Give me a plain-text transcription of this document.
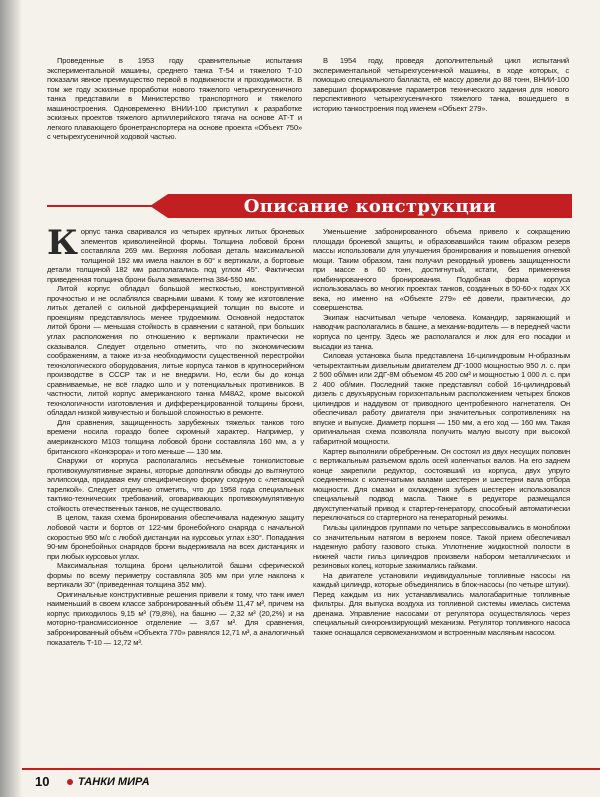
Проведенные в 1953 году сравнительные испытания экспериментальной машины, среднего танка Т-54 и тяжелого Т-10 показали явное преимущество первой в подвижности и проходимости. В том же году эскизные проработки нового тяжелого четырехгусеничного танка представили в Министерство транспортного и тяжелого машиностроения. Одновременно ВНИИ-100 приступил к разработке эскизных проектов тяжелого артиллерийского тягача на основе АТ-Т и легкого плавающего бронетранспортера на основе проекта «Объект 750» с четырехгусеничной ходовой частью.

В 1954 году, проведя дополнительный цикл испытаний экспериментальной четырехгусеничной машины, в ходе которых, с помощью специального балласта, её массу довели до 88 тонн, ВНИИ-100 завершил формирование параметров технического задания для нового перспективного четырехгусеничного тяжелого танка, вошедшего в историю танкостроения под именем «Объект 279».

Описание конструкции

Корпус танка сваривался из четырех крупных литых броневых элементов криволинейной формы. Толщина лобовой брони составляла 269 мм. Верхняя лобовая деталь максимальной толщиной 192 мм имела наклон в 60° к вертикали, а бортовые детали толщиной 182 мм располагались под углом 45°. Фактически приведенная толщина брони была эквивалентна 384-550 мм.

Литой корпус обладал большой жесткостью, конструктивной прочностью и не ослаблялся сварными швами. К тому же изготовление литых деталей с сильной дифференциацией толщин по высоте и проекциям представлялось менее трудоемким. Основной недостаток литой брони — меньшая стойкость в сравнении с катаной, при больших углах расположения по отношению к вертикали практически не сказывался. Следует отдельно отметить, что по экономическим соображениям, а также из-за необходимости существенной перестройки технологического оборудования, литые корпуса танков в крупносерийном производстве в СССР так и не внедрили. Но, если бы до конца сравниваемые, не всё гладко шло и у потенциальных противников. В частности, литой корпус американского танка М48А2, кроме высокой технологичности изготовления и дифференцированной толщины брони, обладал низкой живучестью и большой сложностью в ремонте.

Для сравнения, защищенность зарубежных тяжелых танков того времени носила гораздо более скромный характер. Например, у американского М103 толщина лобовой брони составляла 160 мм, а у британского «Конкэрора» и того меньше — 130 мм.

Снаружи от корпуса располагались несъёмные тонколистовые противокумулятивные экраны, которые дополняли обводы до вытянутого эллипсоида, придавая ему специфическую форму сходную с «летающей тарелкой». Следует отдельно отметить, что до 1958 года специальных тактико-технических требований, оговаривающих противокумулятивную стойкость отечественных танков, не существовало.

В целом, такая схема бронирования обеспечивала надежную защиту лобовой части и бортов от 122-мм бронебойного снаряда с начальной скоростью 950 м/с с любой дистанции на курсовых углах ±30°. Попадания 90-мм бронебойных снарядов брони выдерживала на всех дистанциях и при любых курсовых углах.

Максимальная толщина брони цельнолитой башни сферической формы по всему периметру составляла 305 мм при угле наклона к вертикали 30° (приведенная толщина 352 мм).

Оригинальные конструктивные решения привели к тому, что танк имел наименьший в своем классе забронированный объём 11,47 м³, причем на корпус приходилось 9,15 м³ (79,8%), на башню — 2,32 м³ (20,2%) и на моторно-трансмиссионное отделение — 3,67 м³. Для сравнения, забронированный объём «Объекта 770» равнялся 12,71 м³, а аналогичный показатель Т-10 — 12,72 м³.

Уменьшение забронированного объема привело к сокращению площади броневой защиты, и образовавшийся таким образом резерв массы использовали для улучшения бронирования и повышения огневой мощи. Таким образом, танк получил рекордный уровень защищенности при массе в 60 тонн, достигнутый, кстати, без применения комбинированного бронирования. Подобная форма корпуса использовалась во многих проектах танков, созданных в 50-60-х годах ХХ века, но именно на «Объекте 279» её довели, практически, до совершенства.

Экипаж насчитывал четыре человека. Командир, заряжающий и наводчик располагались в башне, а механик-водитель — в передней части корпуса по центру. Здесь же располагался и люк для его посадки и высадки из танка.

Силовая установка была представлена 16-цилиндровым Н-образным четырехтактным дизельным двигателем ДГ-1000 мощностью 950 л. с. при 2 500 об/мин или 2ДГ-8М объемом 45 200 см³ и мощностью 1 000 л. с. при 2 400 об/мин. Последний также представлял собой 16-цилиндровый дизель с двухъярусным горизонтальным расположением четырех блоков цилиндров и наддувом от приводного центробежного нагнетателя. Он обеспечивал работу двигателя при значительных сопротивлениях на впуске и выпуске. Диаметр поршня — 150 мм, а его ход — 160 мм. Такая оригинальная схема позволяла получить малую высоту при высокой габаритной мощности.

Картер выполнили обребренным. Он состоял из двух несущих половин с вертикальным разъемом вдоль осей коленчатых валов. На его заднем конце закрепили редуктор, состоявший из корпуса, двух упруго соединенных с коленчатыми валами шестерен и шестерни вала отбора мощности. Для смазки и охлаждения зубьев шестерен использовался специальный подвод масла. Также в редукторе размещался двухступенчатый привод к стартер-генератору, способный автоматически переключаться со стартерного на генераторный режимы.

Гильзы цилиндров группами по четыре запрессовывались в моноблоки со значительным натягом в верхнем поясе. Такой прием обеспечивал надежную работу газового стыка. Уплотнение жидкостной полости в нижней части гильз цилиндров произвели набором металлических и резиновых колец, которые зажимались гайками.

На двигателе установили индивидуальные топливные насосы на каждый цилиндр, которые объединялись в блок-насосы (по четыре штуки). Перед каждым из них устанавливались малогабаритные топливные фильтры. Для выпуска воздуха из топливной системы имелась система дренажа. Управление насосами от регулятора осуществлялось через специальный синхронизирующий механизм. Регулятор топливного насоса также оснащался сервомеханизмом и встроенным масляным насосом.

10	ТАНКИ МИРА
